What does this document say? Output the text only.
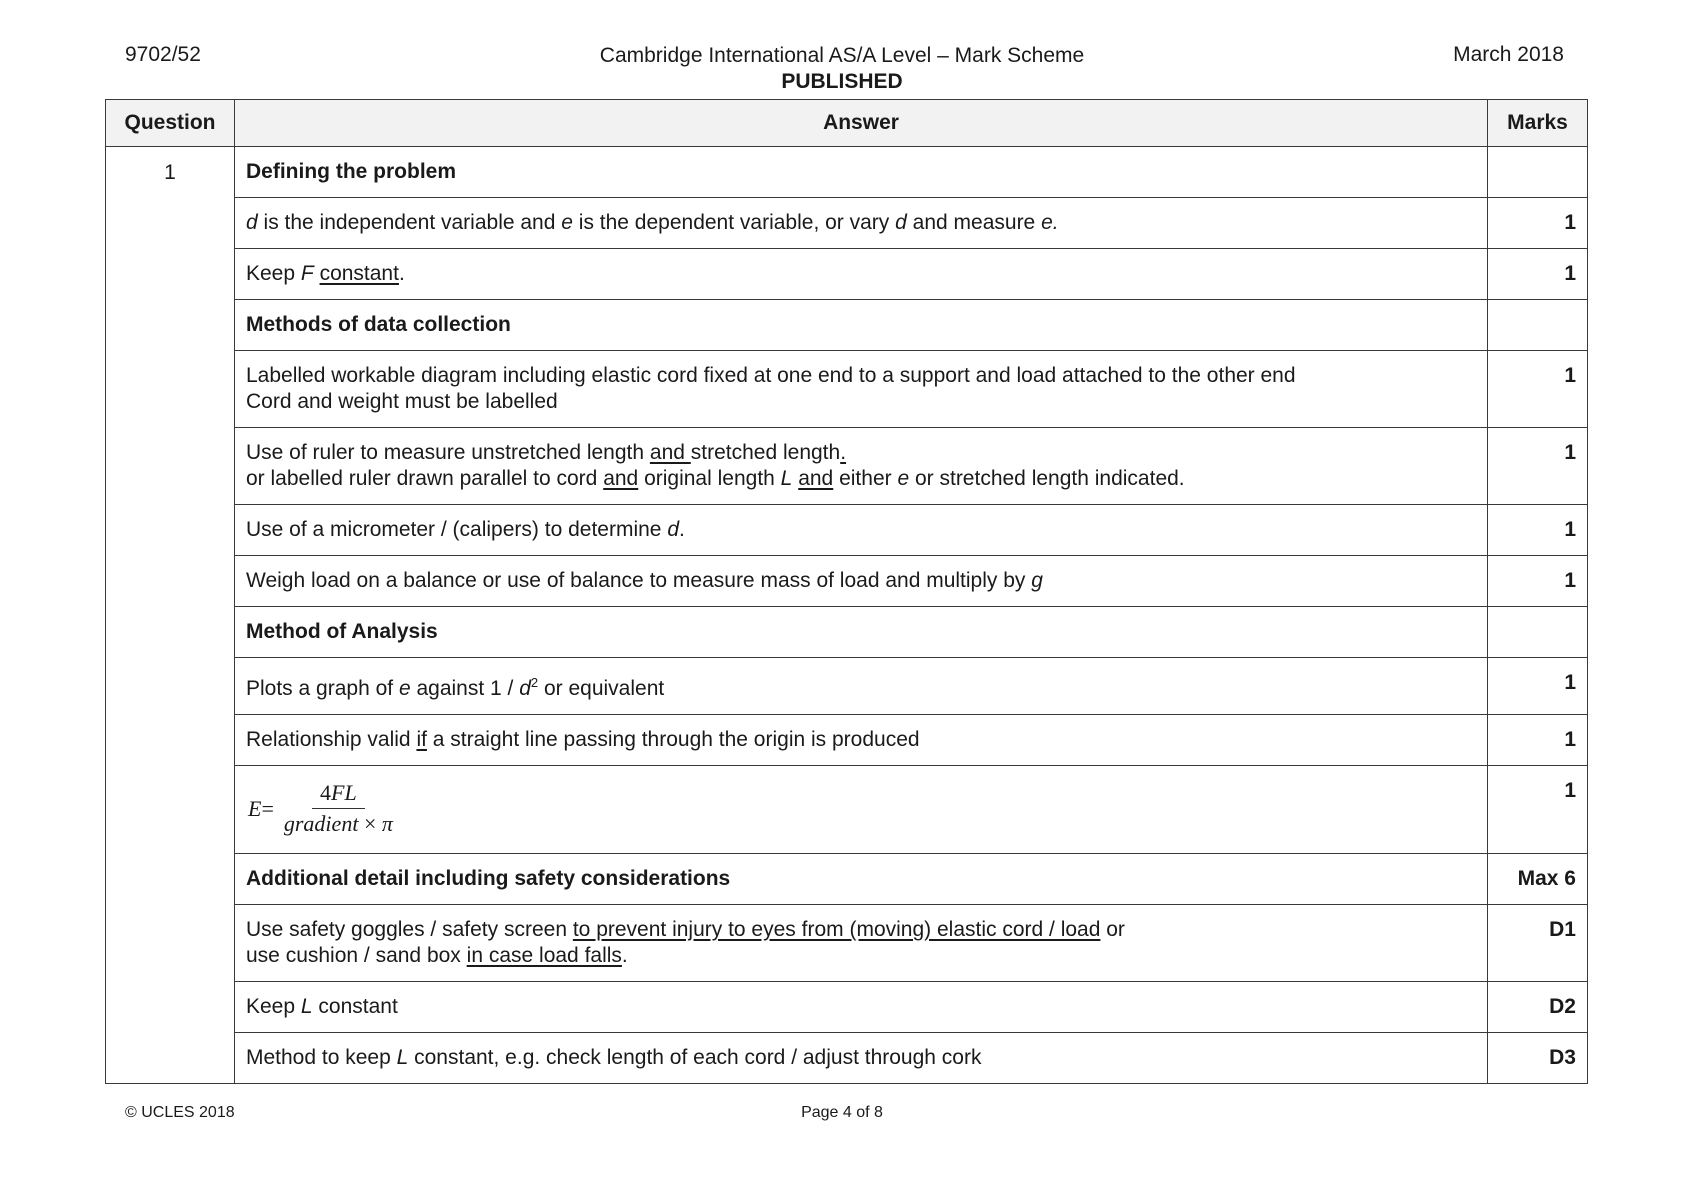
9702/52	Cambridge International AS/A Level – Mark Scheme
PUBLISHED
March 2018
Question	Answer	Marks
1	Defining the problem	
	d is the independent variable and e is the dependent variable, or vary d and measure e.	1
	Keep F constant.	1
	Methods of data collection	

	Labelled workable diagram including elastic cord fixed at one end to a support and load attached to the other end
Cord and weight must be labelled	1

	Use of ruler to measure unstretched length and stretched length.
or labelled ruler drawn parallel to cord and original length L and either e or stretched length indicated.	1
	Use of a micrometer / (calipers) to determine d.	1
	Weigh load on a balance or use of balance to measure mass of load and multiply by g	1
	Method of Analysis	
	Plots a graph of e against $1 / d^2$ or equivalent	1
	Relationship valid if a straight line passing through the origin is produced	1

	$E = \frac{4FL}{\text{gradient × π}}$	1
	Additional detail including safety considerations	Max 6

	Use safety goggles / safety screen to prevent injury to eyes from (moving) elastic cord / load or
use cushion / sand box in case load falls.	D1
	Keep L constant	D2
	Method to keep L constant, e.g. check length of each cord / adjust through cork	D3
© UCLES 2018	Page 4 of 8
